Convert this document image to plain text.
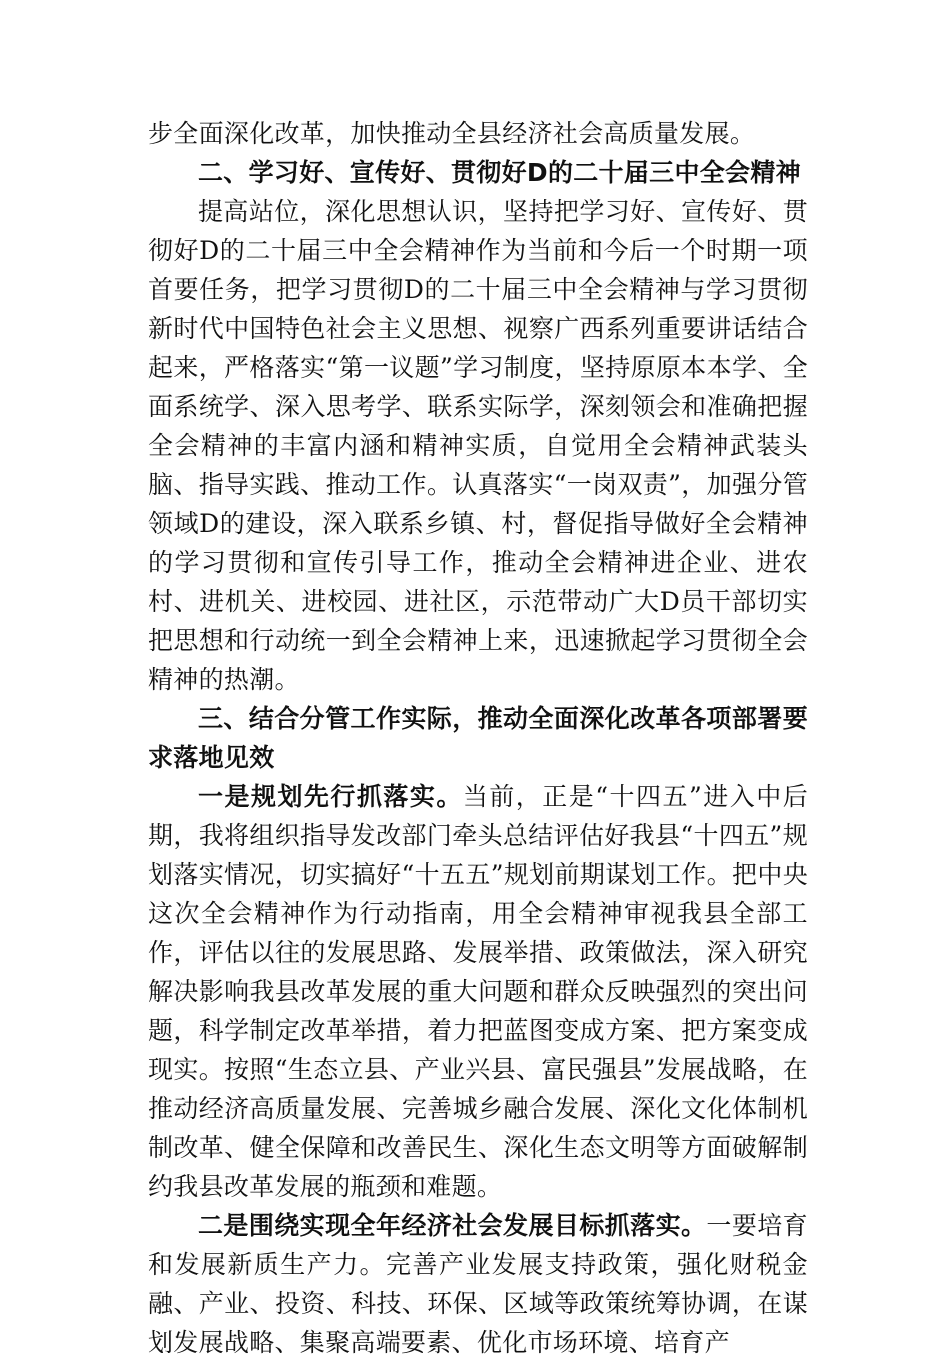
步全面深化改革，加快推动全县经济社会高质量发展。

二、学习好、宣传好、贯彻好D的二十届三中全会精神

提高站位，深化思想认识，坚持把学习好、宣传好、贯彻好D的二十届三中全会精神作为当前和今后一个时期一项首要任务，把学习贯彻D的二十届三中全会精神与学习贯彻新时代中国特色社会主义思想、视察广西系列重要讲话结合起来，严格落实“第一议题”学习制度，坚持原原本本学、全面系统学、深入思考学、联系实际学，深刻领会和准确把握全会精神的丰富内涵和精神实质，自觉用全会精神武装头脑、指导实践、推动工作。认真落实“一岗双责”，加强分管领域D的建设，深入联系乡镇、村，督促指导做好全会精神的学习贯彻和宣传引导工作，推动全会精神进企业、进农村、进机关、进校园、进社区，示范带动广大D员干部切实把思想和行动统一到全会精神上来，迅速掀起学习贯彻全会精神的热潮。

三、结合分管工作实际，推动全面深化改革各项部署要求落地见效

一是规划先行抓落实。当前，正是“十四五”进入中后期，我将组织指导发改部门牵头总结评估好我县“十四五”规划落实情况，切实搞好“十五五”规划前期谋划工作。把中央这次全会精神作为行动指南，用全会精神审视我县全部工作，评估以往的发展思路、发展举措、政策做法，深入研究解决影响我县改革发展的重大问题和群众反映强烈的突出问题，科学制定改革举措，着力把蓝图变成方案、把方案变成现实。按照“生态立县、产业兴县、富民强县”发展战略，在推动经济高质量发展、完善城乡融合发展、深化文化体制机制改革、健全保障和改善民生、深化生态文明等方面破解制约我县改革发展的瓶颈和难题。

二是围绕实现全年经济社会发展目标抓落实。一要培育和发展新质生产力。完善产业发展支持政策，强化财税金融、产业、投资、科技、环保、区域等政策统筹协调，在谋划发展战略、集聚高端要素、优化市场环境、培育产
